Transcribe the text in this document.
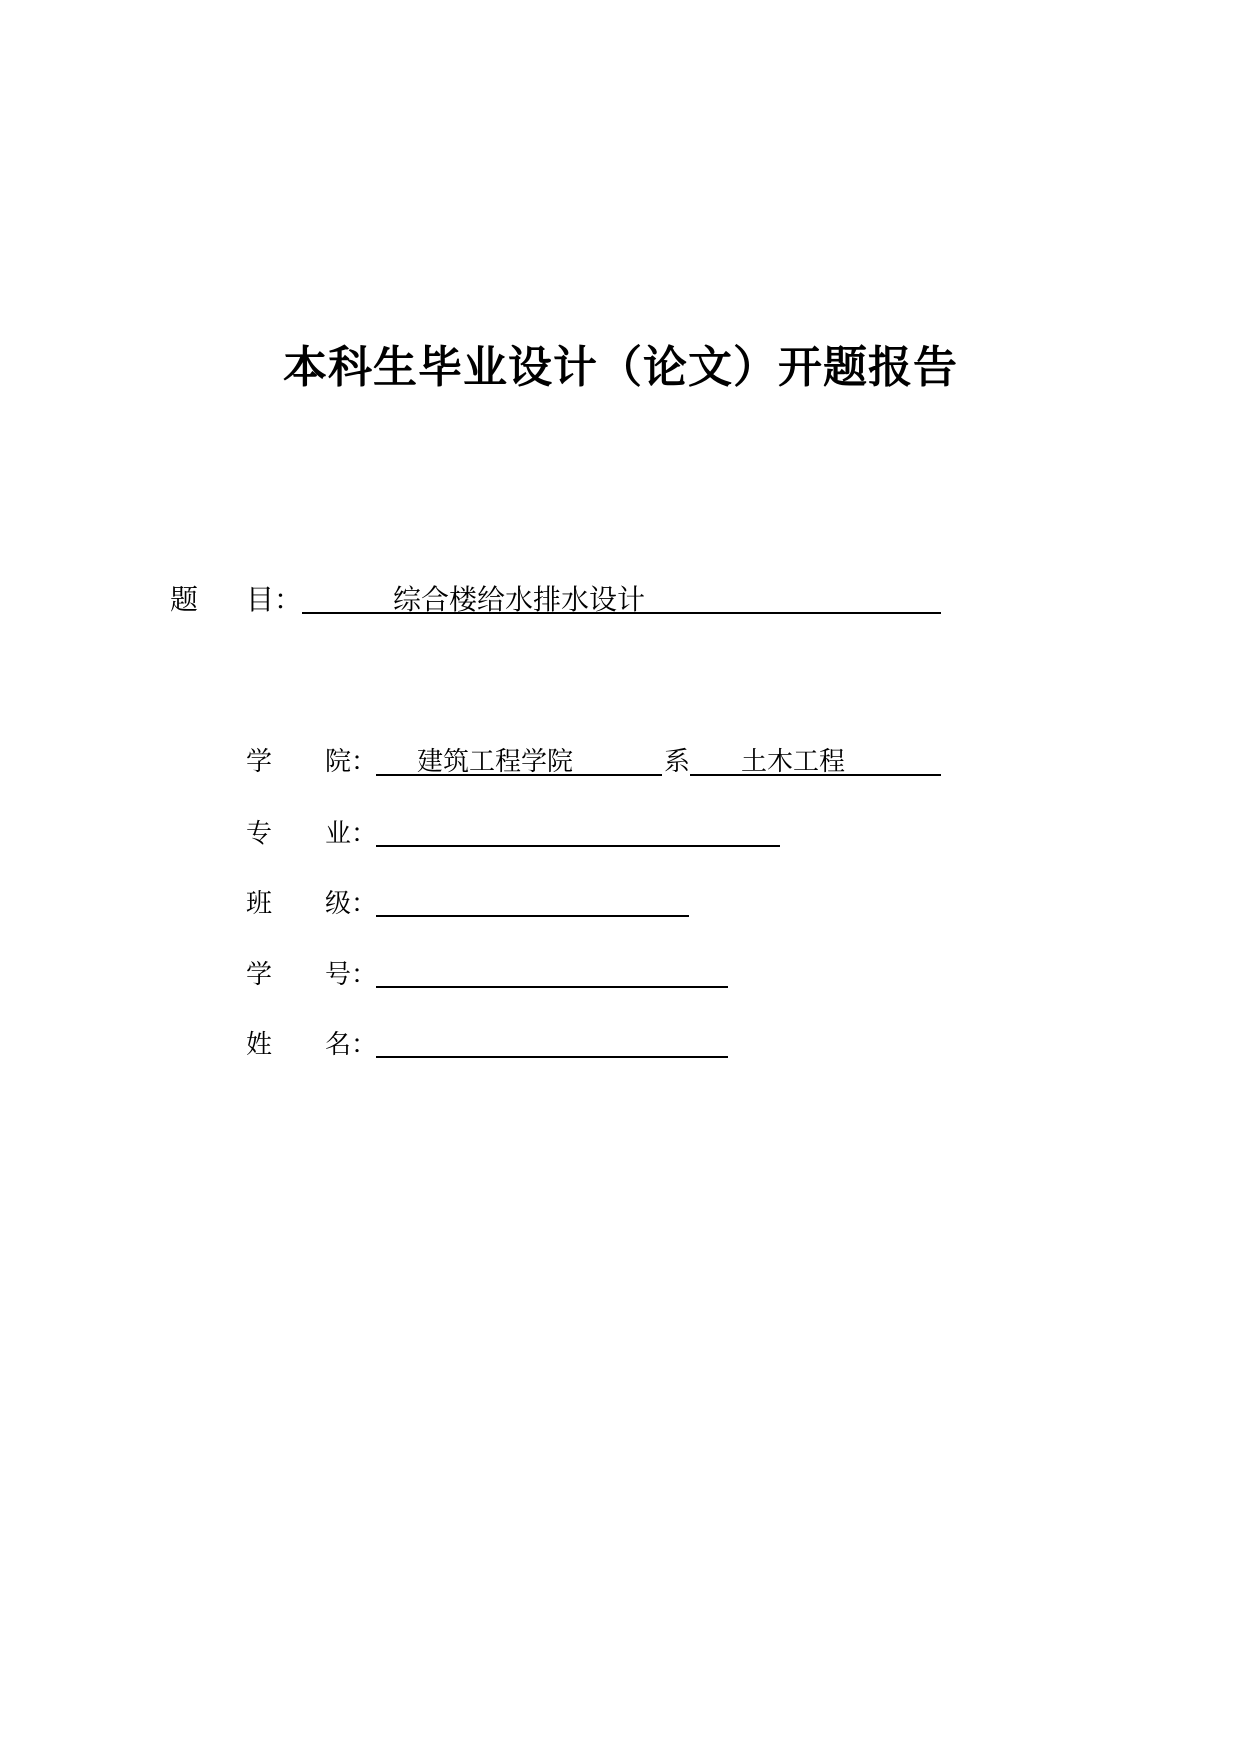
本科生毕业设计（论文）开题报告
题 目：	综合楼给水排水设计
学 院： 建筑工程学院	系 土木工程
专 业：
班 级：
学 号：
姓 名：
